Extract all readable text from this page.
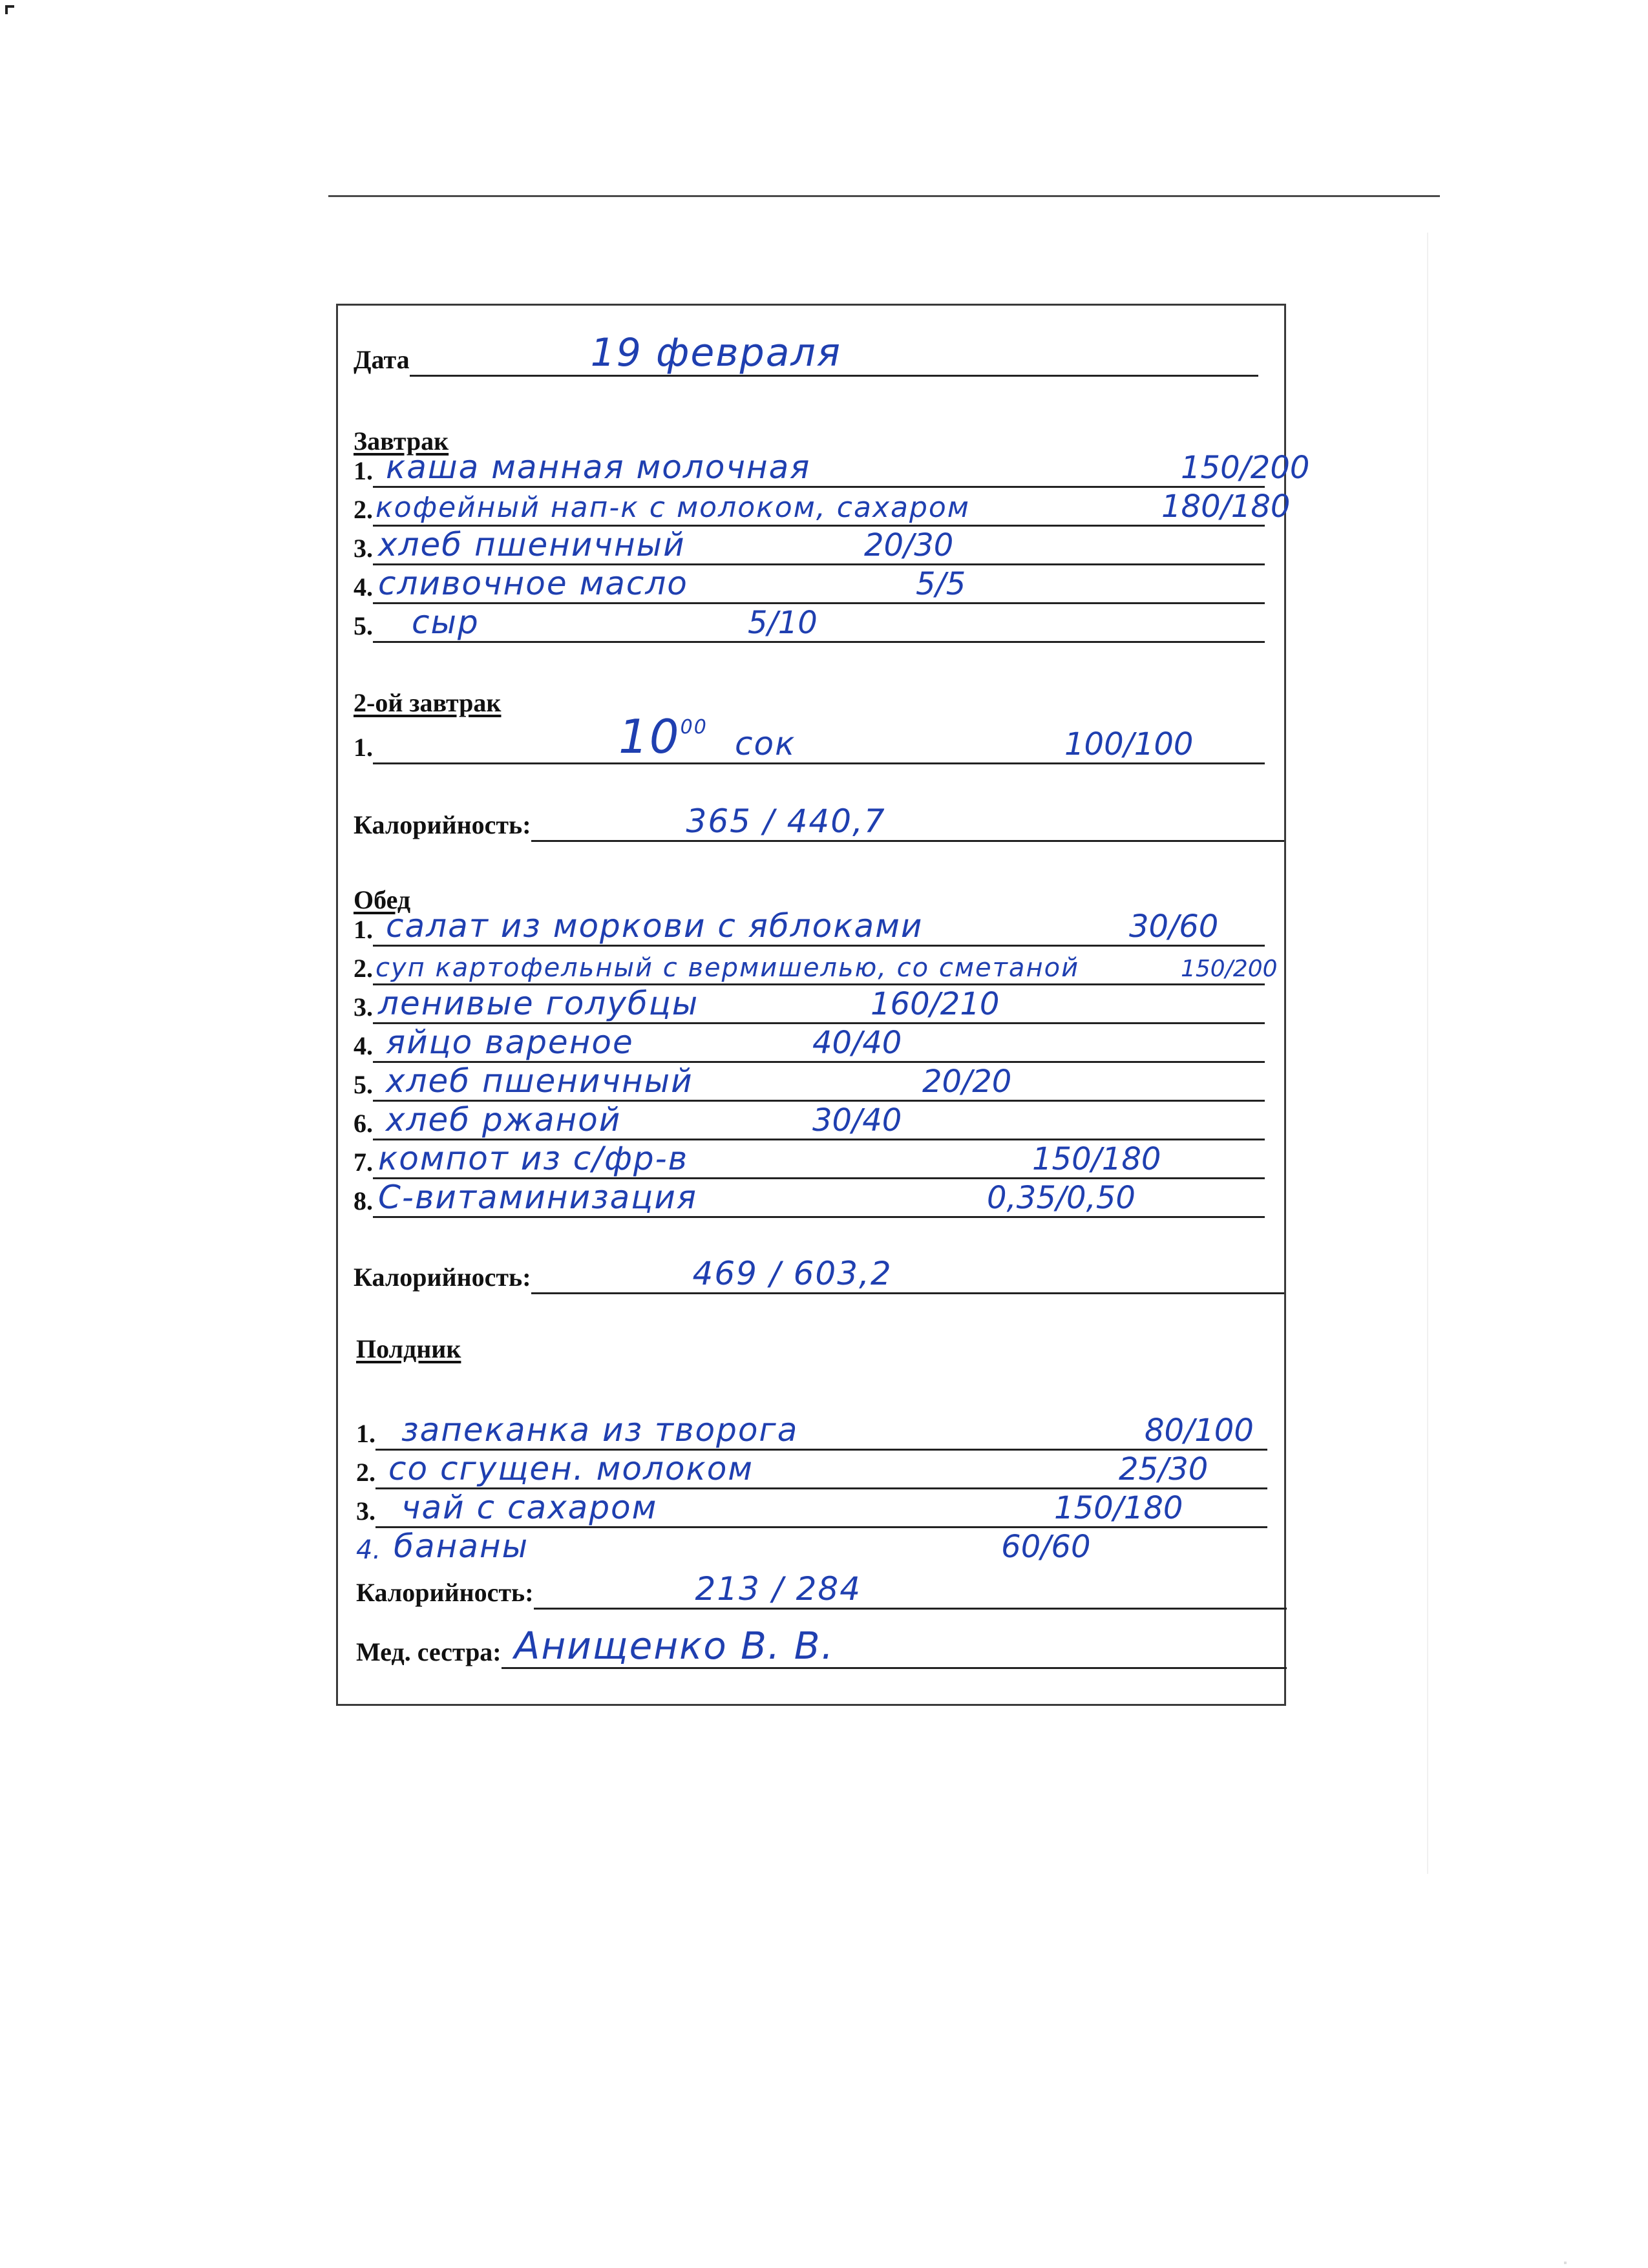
Дата	19 февраля
Завтрак
1. каша манная молочная	150/200
2. кофейный нап-к с молоком, сахаром	180/180
3. хлеб пшеничный	20/30
4. сливочное масло	5/5
5. сыр	5/10
2-ой завтрак
1.	$10^{00}$ сок	100/100
Калорийность:	365 / 440,7
Обед
1. салат из моркови с яблоками	30/60
2. суп картофельный с вермишелью, со сметаной	150/200
3. ленивые голубцы	160/210
4. яйцо вареное	40/40
5. хлеб пшеничный	20/20
6. хлеб ржаной	30/40
7. компот из с/фр-в	150/180
8. С-витаминизация	0,35/0,50
Калорийность:	469 / 603,2
Полдник
1. запеканка из творога	80/100
2. со сгущен. молоком	25/30
3. чай с сахаром	150/180
4. бананы	60/60
Калорийность:	213 / 284
Мед. сестра: Анищенко В. В.
